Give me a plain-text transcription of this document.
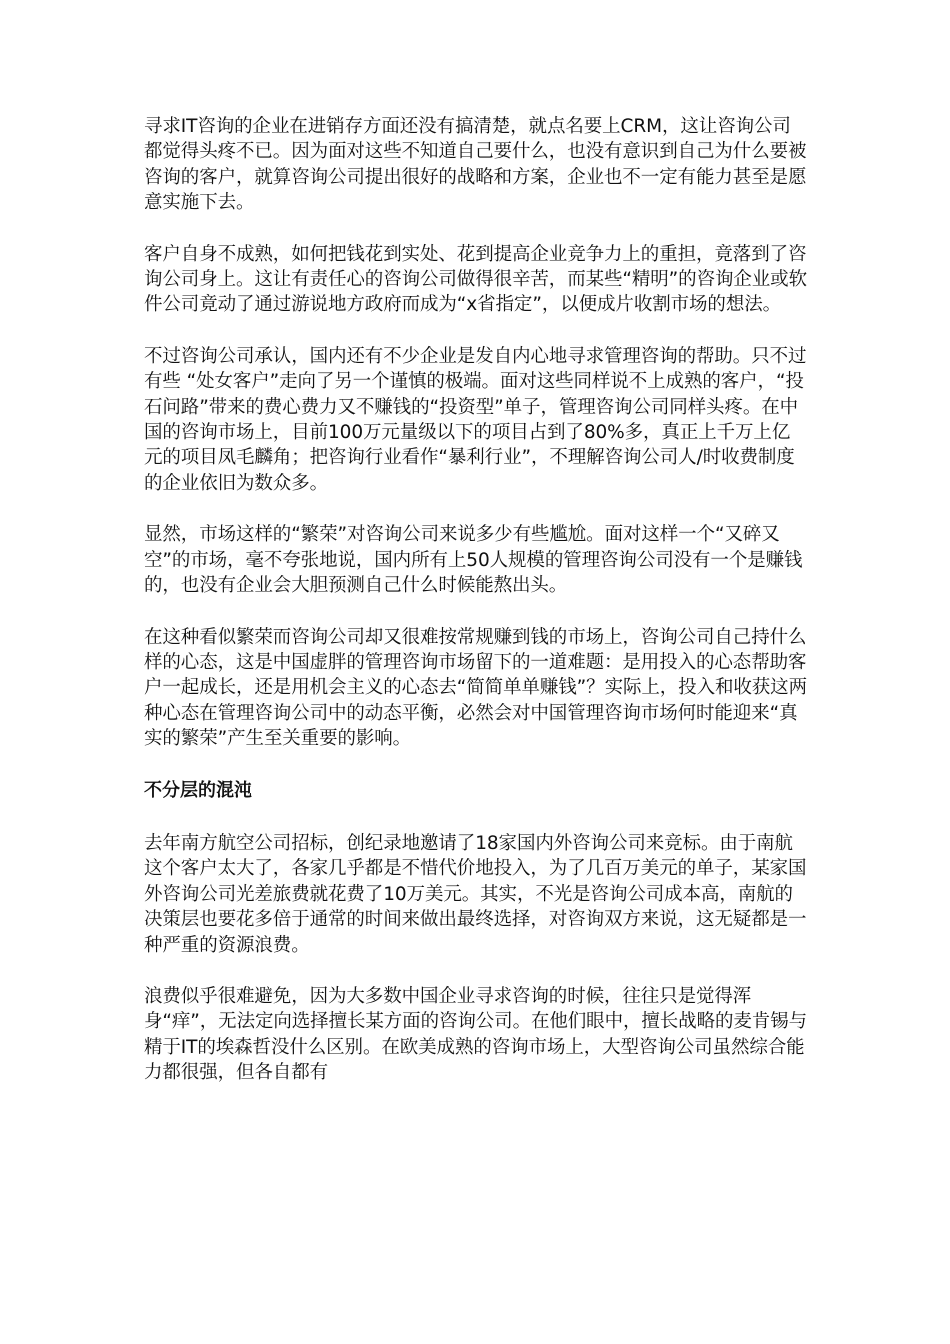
寻求IT咨询的企业在进销存方面还没有搞清楚，就点名要上CRM，这让咨询公司都觉得头疼不已。因为面对这些不知道自己要什么，也没有意识到自己为什么要被咨询的客户，就算咨询公司提出很好的战略和方案，企业也不一定有能力甚至是愿意实施下去。

客户自身不成熟，如何把钱花到实处、花到提高企业竞争力上的重担，竟落到了咨询公司身上。这让有责任心的咨询公司做得很辛苦，而某些“精明”的咨询企业或软件公司竟动了通过游说地方政府而成为“x省指定”，以便成片收割市场的想法。

不过咨询公司承认，国内还有不少企业是发自内心地寻求管理咨询的帮助。只不过有些 “处女客户”走向了另一个谨慎的极端。面对这些同样说不上成熟的客户，“投石问路”带来的费心费力又不赚钱的“投资型”单子，管理咨询公司同样头疼。在中国的咨询市场上，目前100万元量级以下的项目占到了80%多，真正上千万上亿元的项目凤毛麟角；把咨询行业看作“暴利行业”，不理解咨询公司人/时收费制度的企业依旧为数众多。

显然，市场这样的“繁荣”对咨询公司来说多少有些尴尬。面对这样一个“又碎又空”的市场，毫不夸张地说，国内所有上50人规模的管理咨询公司没有一个是赚钱的，也没有企业会大胆预测自己什么时候能熬出头。

在这种看似繁荣而咨询公司却又很难按常规赚到钱的市场上，咨询公司自己持什么样的心态，这是中国虚胖的管理咨询市场留下的一道难题：是用投入的心态帮助客户一起成长，还是用机会主义的心态去“简简单单赚钱”？实际上，投入和收获这两种心态在管理咨询公司中的动态平衡，必然会对中国管理咨询市场何时能迎来“真实的繁荣”产生至关重要的影响。

不分层的混沌

去年南方航空公司招标，创纪录地邀请了18家国内外咨询公司来竞标。由于南航这个客户太大了，各家几乎都是不惜代价地投入，为了几百万美元的单子，某家国外咨询公司光差旅费就花费了10万美元。其实，不光是咨询公司成本高，南航的决策层也要花多倍于通常的时间来做出最终选择，对咨询双方来说，这无疑都是一种严重的资源浪费。

浪费似乎很难避免，因为大多数中国企业寻求咨询的时候，往往只是觉得浑身“痒”，无法定向选择擅长某方面的咨询公司。在他们眼中，擅长战略的麦肯锡与精于IT的埃森哲没什么区别。在欧美成熟的咨询市场上，大型咨询公司虽然综合能力都很强，但各自都有
